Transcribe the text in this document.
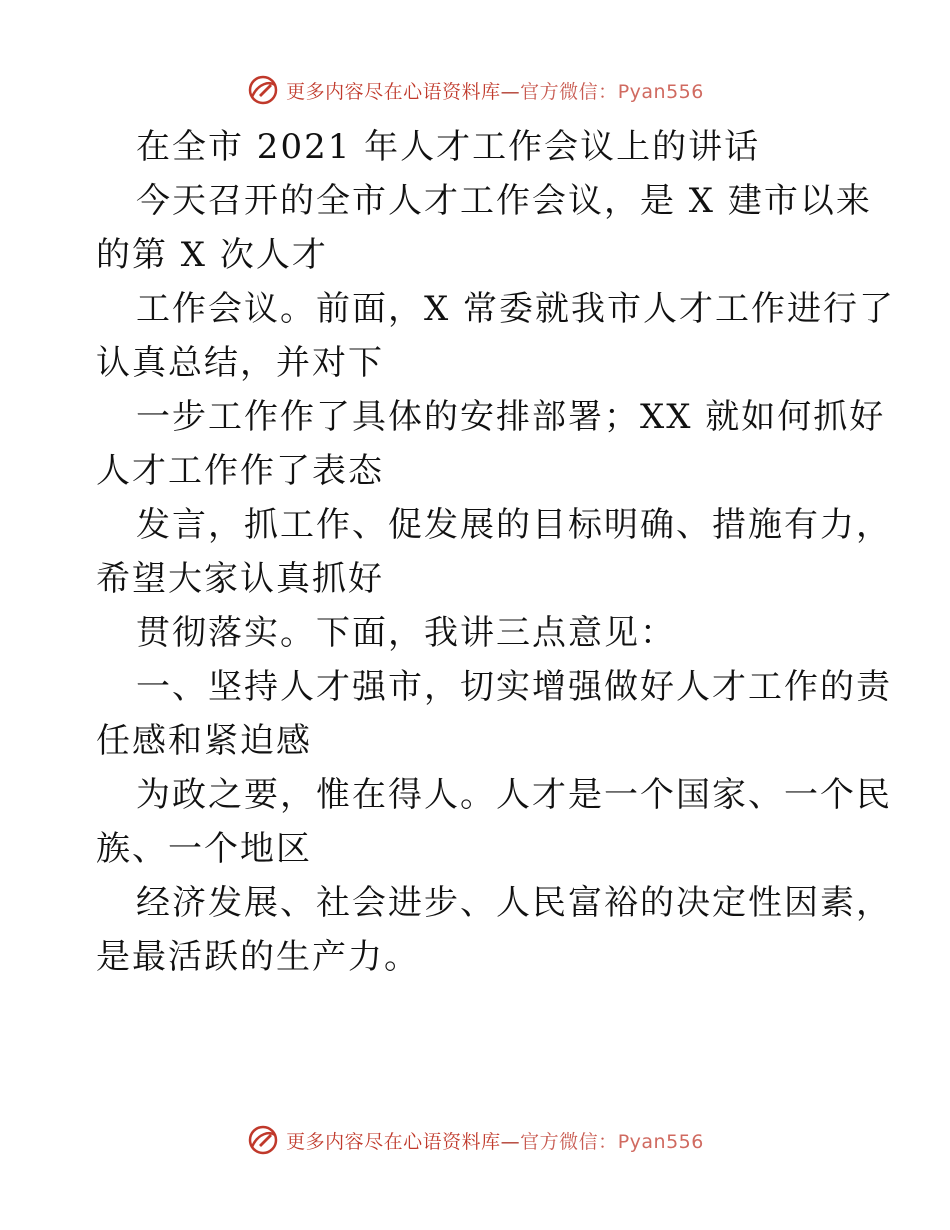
更多内容尽在心语资料库—官方微信：Pyan556
在全市 2021 年人才工作会议上的讲话
今天召开的全市人才工作会议，是 X 建市以来
的第 X 次人才
工作会议。前面，X 常委就我市人才工作进行了
认真总结，并对下
一步工作作了具体的安排部署；XX 就如何抓好
人才工作作了表态
发言，抓工作、促发展的目标明确、措施有力，
希望大家认真抓好
贯彻落实。下面，我讲三点意见：
一、坚持人才强市，切实增强做好人才工作的责
任感和紧迫感
为政之要，惟在得人。人才是一个国家、一个民
族、一个地区
经济发展、社会进步、人民富裕的决定性因素，
是最活跃的生产力。
更多内容尽在心语资料库—官方微信：Pyan556
